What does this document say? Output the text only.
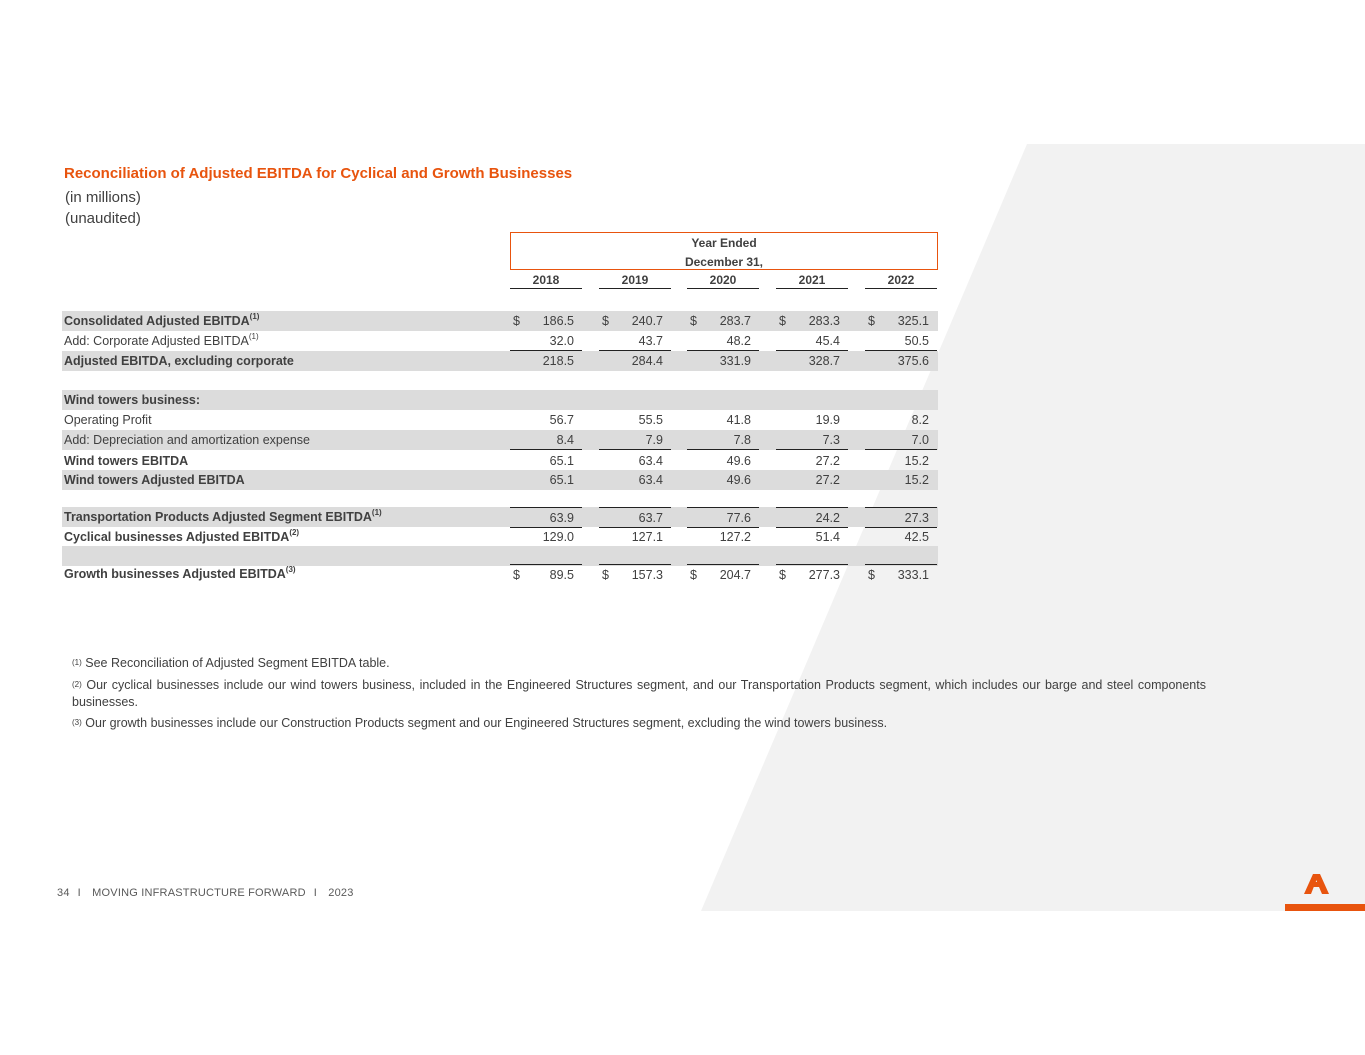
Reconciliation of Adjusted EBITDA for Cyclical and Growth Businesses
(in millions)
(unaudited)
Year Ended
December 31,
2018	2019	2020	2021	2022
Consolidated Adjusted EBITDA$^{(1)}$	$ 186.5 $ 240.7 $ 283.7 $ 283.3 $ 325.1
Add: Corporate Adjusted EBITDA$^{(1)}$	32.0	43.7	48.2	45.4	50.5
Adjusted EBITDA, excluding corporate	218.5	284.4	331.9	328.7	375.6
Wind towers business:
Operating Profit	56.7	55.5	41.8	19.9	8.2
Add: Depreciation and amortization expense	8.4	7.9	7.8	7.3	7.0
Wind towers EBITDA	65.1	63.4	49.6	27.2	15.2
Wind towers Adjusted EBITDA	65.1	63.4	49.6	27.2	15.2
Transportation Products Adjusted Segment EBITDA$^{(1)}$	63.9	63.7	77.6	24.2	27.3
Cyclical businesses Adjusted EBITDA$^{(2)}$	129.0	127.1	127.2	51.4	42.5
Growth businesses Adjusted EBITDA$^{(3)}$	$ 89.5 $ 157.3 $ 204.7 $ 277.3 $ 333.1
$^{(1)}$ See Reconciliation of Adjusted Segment EBITDA table.
$^{(2)}$ Our cyclical businesses include our wind towers business, included in the Engineered Structures segment, and our Transportation Products segment, which includes our barge and steel components businesses.
$^{(3)}$ Our growth businesses include our Construction Products segment and our Engineered Structures segment, excluding the wind towers business.
34 I MOVING INFRASTRUCTURE FORWARD I 2023
